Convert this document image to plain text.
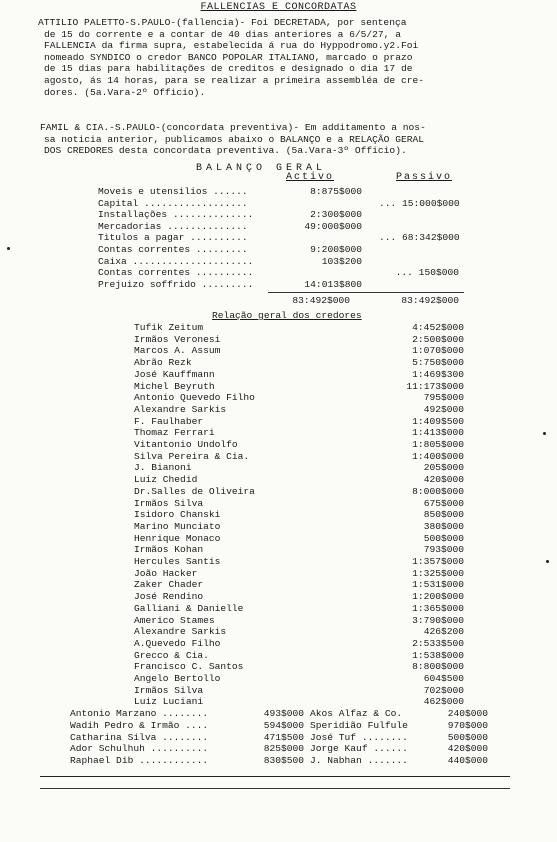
FALLENCIAS E CONCORDATAS
ATTILIO PALETTO-S.PAULO-(fallencia)- Foi DECRETADA, por sentença
de 15 do corrente e a contar de 40 dias anteriores a 6/5/27, a
FALLENCIA da firma supra, estabelecida á rua do Hyppodromo.y2.Foi
nomeado SYNDICO o credor BANCO POPOLAR ITALIANO, marcado o prazo
de 15 dias para habilitações de creditos e designado o dia 17 de
agosto, ás 14 horas, para se realizar a primeira assembléa de cre-
dores. (5a.Vara-2º Officio).
FAMIL & CIA.-S.PAULO-(concordata preventiva)- Em additamento a nos-
sa noticia anterior, publicamos abaixo o BALANÇO e a RELAÇÃO GERAL
DOS CREDORES desta concordata preventiva. (5a.Vara-3º Officio).
BALANÇO GERAL
Activo	Passivo
Moveis e utensilios ......	8:875$000
Capital ..................	... 15:000$000
Installações ..............	2:300$000
Mercadorias ..............	49:000$000
Titulos a pagar ..........	... 68:342$000
Contas correntes .........	9:200$000
Caixa .....................	103$200
Contas correntes ..........	... 150$000
Prejuizo soffrido .........	14:013$800
83:492$000	83:492$000
Relação geral dos credores
Tufik Zeitum	4:452$000
Irmãos Veronesi	2:500$000
Marcos A. Assum	1:070$000
Abrão Rezk	5:750$000
José Kauffmann	1:469$300
Michel Beyruth	11:173$000
Antonio Quevedo Filho	795$000
Alexandre Sarkis	492$000
F. Faulhaber	1:409$500
Thomaz Ferrari	1:413$000
Vitantonio Undolfo	1:805$000
Silva Pereira & Cia.	1:400$000
J. Bianoni	205$000
Luiz Chedid	420$000
Dr.Salles de Oliveira	8:000$000
Irmãos Silva	675$000
Isidoro Chanski	850$000
Marino Munciato	380$000
Henrique Monaco	500$000
Irmãos Kohan	793$000
Hercules Santis	1:357$000
João Hacker	1:325$000
Zaker Chader	1:531$000
José Rendino	1:200$000
Galliani & Danielle	1:365$000
Americo Stames	3:790$000
Alexandre Sarkis	426$200
A.Quevedo Filho	2:533$500
Grecco & Cia.	1:538$000
Francisco C. Santos	8:800$000
Angelo Bertollo	604$500
Irmãos Silva	702$000
Luiz Luciani	462$000
Antonio Marzano ........	493$000 Akos Alfaz & Co.	240$000
Wadih Pedro & Irmão ....	594$000 Speridião Fulfule	970$000
Catharina Silva ........	471$500 José Tuf ........	500$000
Ador Schulhuh ..........	825$000 Jorge Kauf ......	420$000
Raphael Dib ............	830$500 J. Nabhan .......	440$000
